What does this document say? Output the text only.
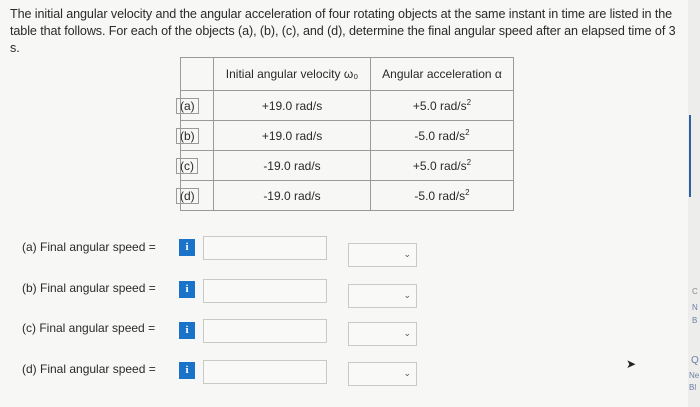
The initial angular velocity and the angular acceleration of four rotating objects at the same instant in time are listed in the table that follows. For each of the objects (a), (b), (c), and (d), determine the final angular speed after an elapsed time of 3 s.
	Initial angular velocity ω₀	Angular acceleration α
(a)	+19.0 rad/s	+5.0 rad/$s^2$
(b)	+19.0 rad/s	-5.0 rad/$s^2$
(c)	-19.0 rad/s	+5.0 rad/$s^2$
(d)	-19.0 rad/s	-5.0 rad/$s^2$
(a) Final angular speed =	i
⌄
(b) Final angular speed =	i	⌄
(c) Final angular speed =	i	⌄
(d) Final angular speed =	i	⌄
➤
C
N
B
Q
Ne
Bl
